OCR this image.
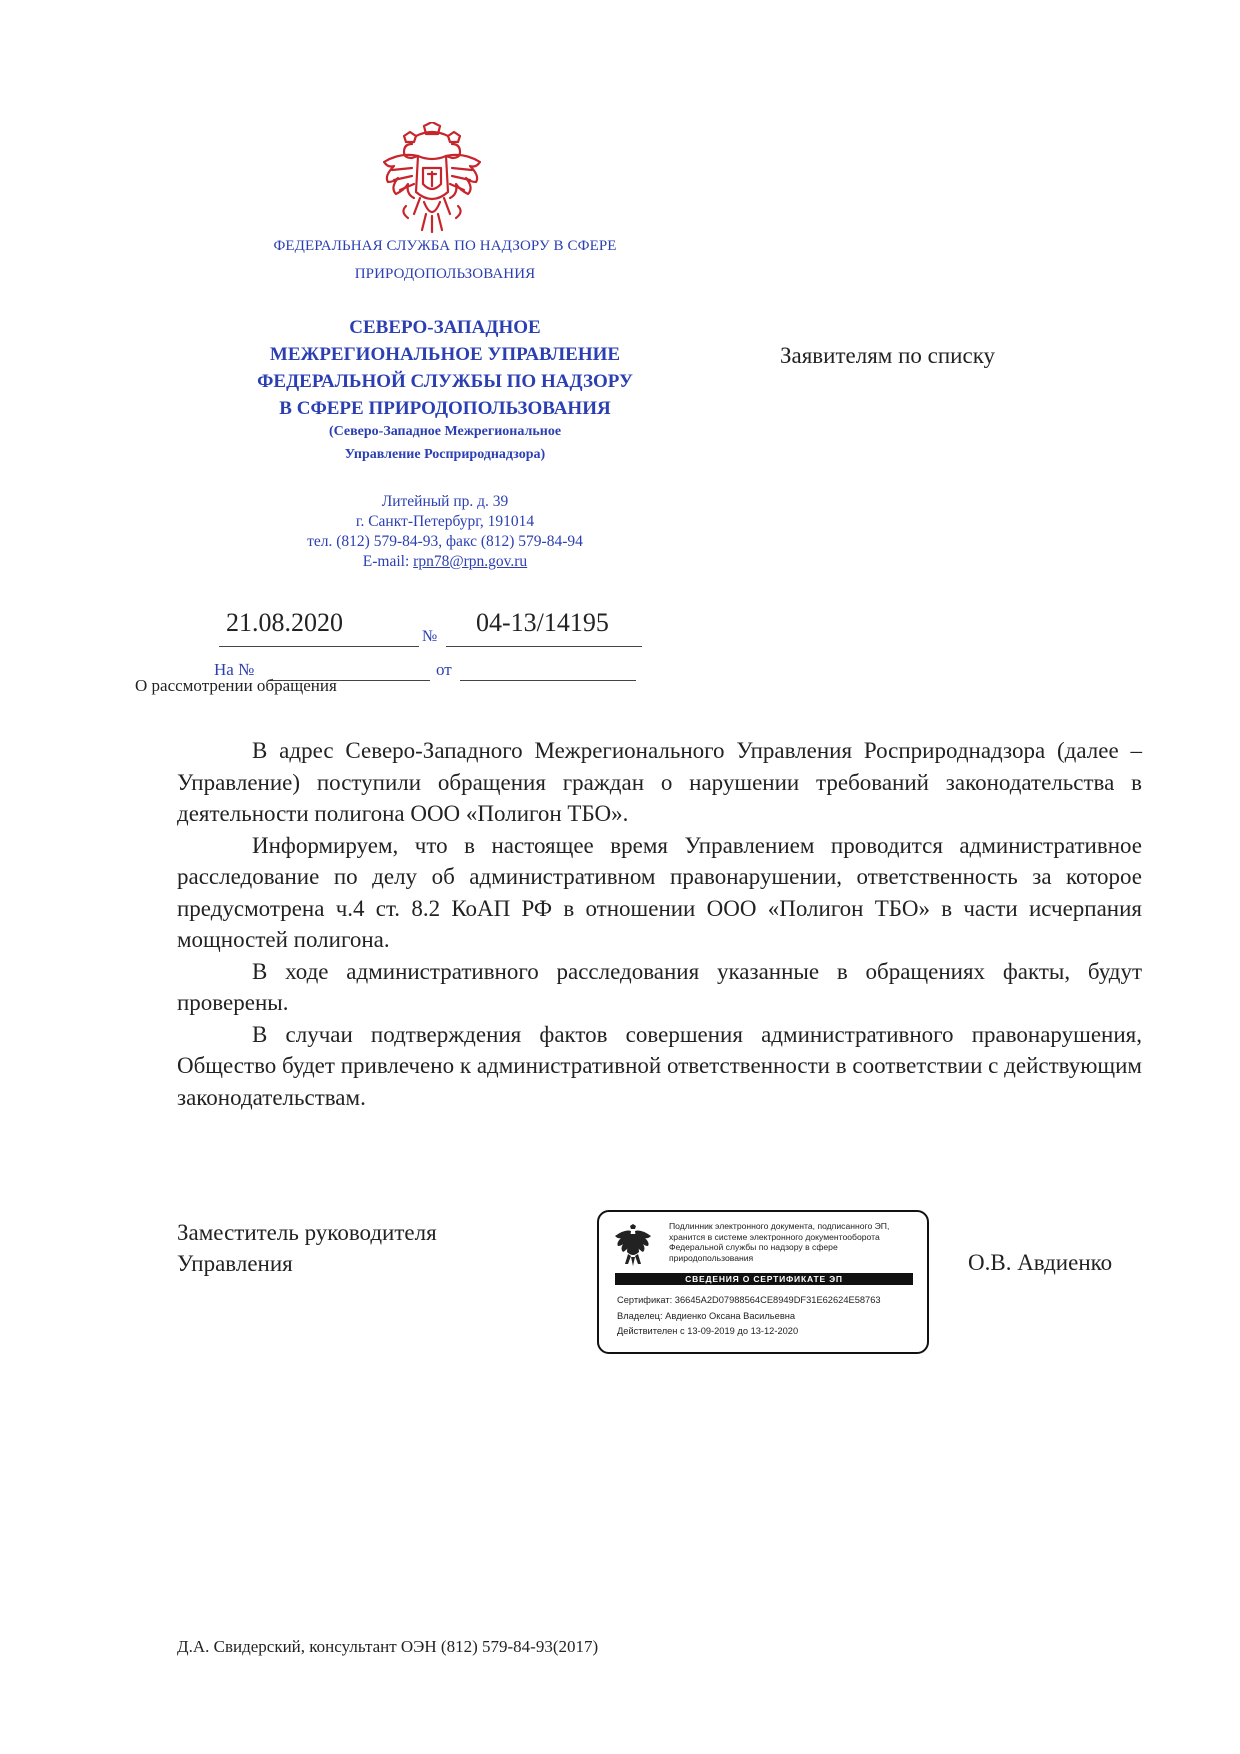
ФЕДЕРАЛЬНАЯ СЛУЖБА ПО НАДЗОРУ В СФЕРЕ
ПРИРОДОПОЛЬЗОВАНИЯ
СЕВЕРО-ЗАПАДНОЕ
МЕЖРЕГИОНАЛЬНОЕ УПРАВЛЕНИЕ
ФЕДЕРАЛЬНОЙ СЛУЖБЫ ПО НАДЗОРУ
В СФЕРЕ ПРИРОДОПОЛЬЗОВАНИЯ
(Северо-Западное Межрегиональное
Управление Росприроднадзора)
Литейный пр. д. 39
г. Санкт-Петербург, 191014
тел. (812) 579-84-93, факс (812) 579-84-94
E-mail: rpn78@rpn.gov.ru
21.08.2020	№ 04-13/14195
На №	от
О рассмотрении обращения
Заявителям по списку

В адрес Северо-Западного Межрегионального Управления Росприроднадзора (далее – Управление) поступили обращения граждан о нарушении требований законодательства в деятельности полигона ООО «Полигон ТБО».

Информируем, что в настоящее время Управлением проводится административное расследование по делу об административном правонарушении, ответственность за которое предусмотрена ч.4 ст. 8.2 КоАП РФ в отношении ООО «Полигон ТБО» в части исчерпания мощностей полигона.

В ходе административного расследования указанные в обращениях факты, будут проверены.

В случаи подтверждения фактов совершения административного правонарушения, Общество будет привлечено к административной ответственности в соответствии с действующим законодательствам.

Заместитель руководителя
Управления
Подлинник электронного документа, подписанного ЭП, хранится в системе электронного документооборота Федеральной службы по надзору в сфере природопользования
СВЕДЕНИЯ О СЕРТИФИКАТЕ ЭП
Сертификат: 36645A2D07988564CE8949DF31E62624E58763
Владелец: Авдиенко Оксана Васильевна
Действителен с 13-09-2019 до 13-12-2020
О.В. Авдиенко
Д.А. Свидерский, консультант ОЭН (812) 579-84-93(2017)
